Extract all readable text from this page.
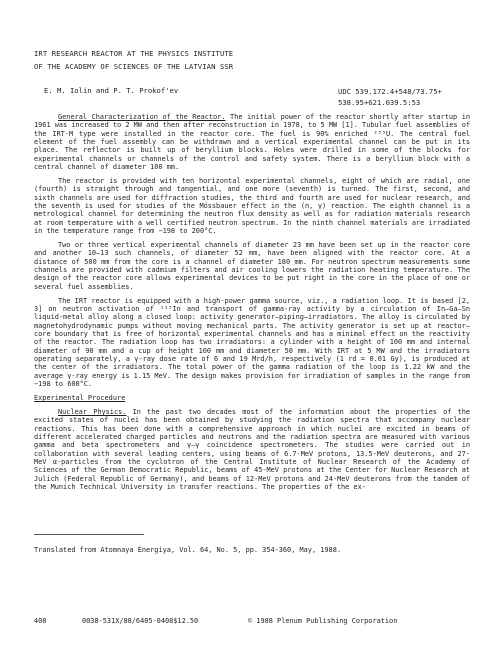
IRT RESEARCH REACTOR AT THE PHYSICS INSTITUTE
OF THE ACADEMY OF SCIENCES OF THE LATVIAN SSR
E. M. Iolin and P. T. Prokof'ev	UDC 539.172.4+548/73.75+
538.95+621.039.5:53

General Characterization of the Reactor. The initial power of the reactor shortly after startup in 1961 was increased to 2 MW and then after reconstruction in 1978, to 5 MW [1]. Tubular fuel assemblies of the IRT-M type were installed in the reactor core. The fuel is 90% enriched ²³⁵U. The central fuel element of the fuel assembly can be withdrawn and a vertical experimental channel can be put in its place. The reflector is built up of beryllium blocks. Holes were drilled in some of the blocks for experimental channels or channels of the control and safety system. There is a beryllium block with a central channel of diameter 100 mm.

The reactor is provided with ten horizontal experimental channels, eight of which are radial, one (fourth) is straight through and tangential, and one more (seventh) is turned. The first, second, and sixth channels are used for diffraction studies, the third and fourth are used for nuclear research, and the seventh is used for studies of the Mössbauer effect in the (n, γ) reaction. The eighth channel is a metrological channel for determining the neutron flux density as well as for radiation materials research at room temperature with a well certified neutron spectrum. In the ninth channel materials are irradiated in the temperature range from −198 to 200°C.

Two or three vertical experimental channels of diameter 23 mm have been set up in the reactor core and another 10–13 such channels, of diameter 52 mm, have been aligned with the reactor core. At a distance of 500 mm from the core is a channel of diameter 180 mm. For neutron spectrum measurements some channels are provided with cadmium filters and air cooling lowers the radiation heating temperature. The design of the reactor core allows experimental devices to be put right in the core in the place of one or several fuel assemblies.

The IRT reactor is equipped with a high-power gamma source, viz., a radiation loop. It is based [2, 3] on neutron activation of ¹¹⁵In and transport of gamma-ray activity by a circulation of In–Ga–Sn liquid-metal alloy along a closed loop: activity generator–piping–irradiators. The alloy is circulated by magnetohydrodynamic pumps without moving mechanical parts. The activity generator is set up at reactor–core boundary that is free of horizontal experimental channels and has a minimal effect on the reactivity of the reactor. The radiation loop has two irradiators: a cylinder with a height of 100 mm and internal diameter of 90 mm and a cup of height 100 mm and diameter 50 mm. With IRT at 5 MW and the irradiators operating separately, a γ-ray dose rate of 6 and 19 Mrd/h, respectively (1 rd = 0.01 Gy), is produced at the center of the irradiators. The total power of the gamma radiation of the loop is 1.22 kW and the average γ-ray energy is 1.15 MeV. The design makes provision for irradiation of samples in the range from −198 to 600°C.

Experimental Procedure

Nuclear Physics. In the past two decades most of the information about the properties of the excited states of nuclei has been obtained by studying the radiation spectra that accompany nuclear reactions. This has been done with a comprehensive approach in which nuclei are excited in beams of different accelerated charged particles and neutrons and the radiation spectra are measured with various gamma and beta spectrometers and γ–γ coincidence spectrometers. The studies were carried out in collaboration with several leading centers, using beams of 6.7-MeV protons, 13.5-MeV deuterons, and 27-MeV α-particles from the cyclotron of the Central Institute of Nuclear Research of the Academy of Sciences of the German Democratic Republic, beams of 45-MeV protons at the Center for Nuclear Research at Julich (Federal Republic of Germany), and beams of 12-MeV protons and 24-MeV deuterons from the tandem of the Munich Technical University in transfer reactions. The properties of the ex-

Translated from Atomnaya Énergiya, Vol. 64, No. 5, pp. 354-360, May, 1988.
408	0038-531X/88/6405-0408$12.50	© 1988 Plenum Publishing Corporation
